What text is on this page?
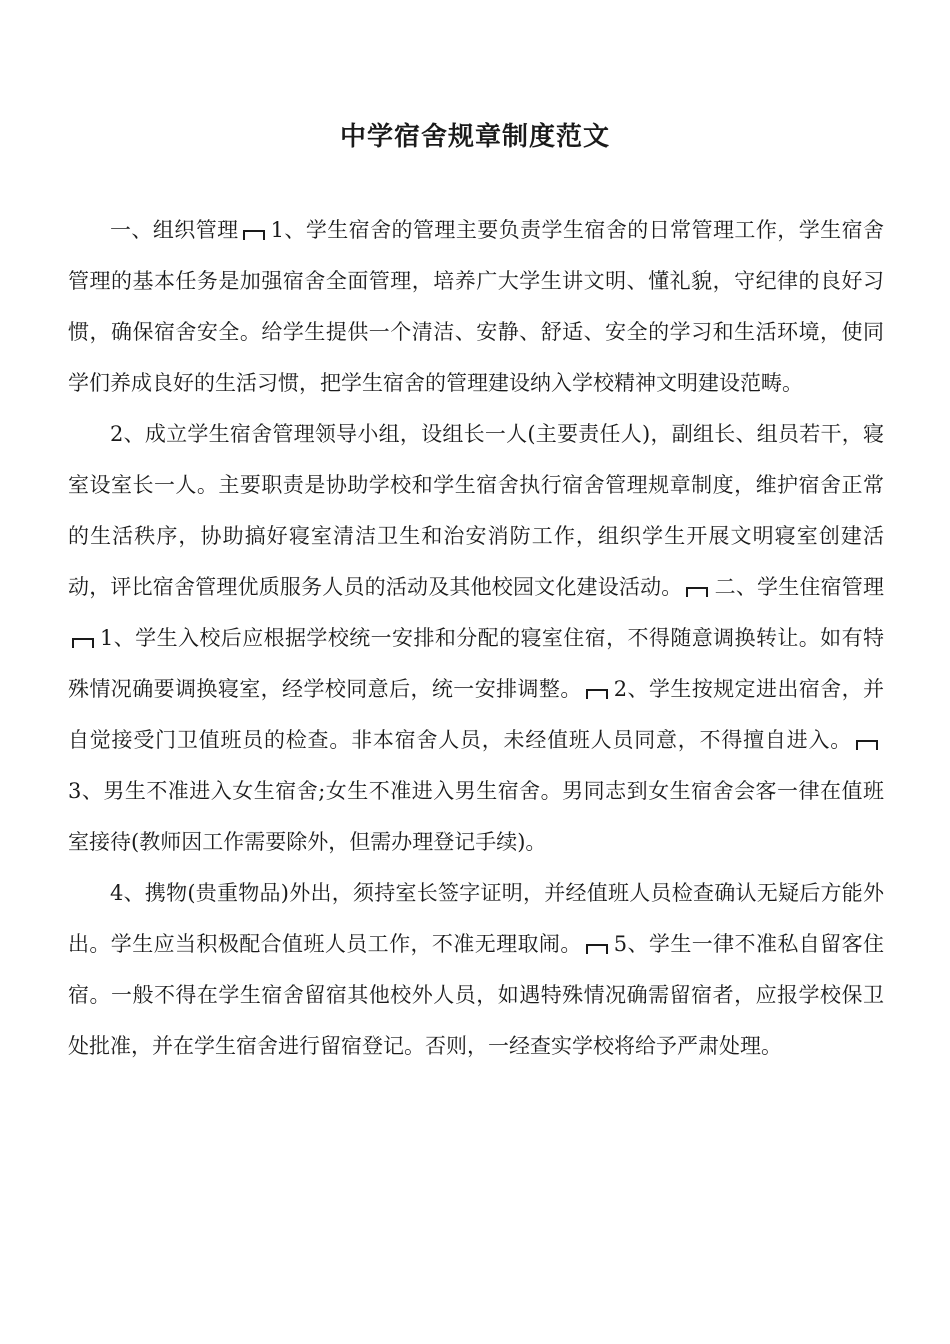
中学宿舍规章制度范文

一、组织管理 1、学生宿舍的管理主要负责学生宿舍的日常管理工作，学生宿舍管理的基本任务是加强宿舍全面管理，培养广大学生讲文明、懂礼貌，守纪律的良好习惯，确保宿舍安全。给学生提供一个清洁、安静、舒适、安全的学习和生活环境，使同学们养成良好的生活习惯，把学生宿舍的管理建设纳入学校精神文明建设范畴。

2、成立学生宿舍管理领导小组，设组长一人(主要责任人)，副组长、组员若干，寝室设室长一人。主要职责是协助学校和学生宿舍执行宿舍管理规章制度，维护宿舍正常的生活秩序，协助搞好寝室清洁卫生和治安消防工作，组织学生开展文明寝室创建活动，评比宿舍管理优质服务人员的活动及其他校园文化建设活动。 二、学生住宿管理1、学生入校后应根据学校统一安排和分配的寝室住宿，不得随意调换转让。如有特殊情况确要调换寝室，经学校同意后，统一安排调整。 2、学生按规定进出宿舍，并自觉接受门卫值班员的检查。非本宿舍人员，未经值班人员同意，不得擅自进入。3、男生不准进入女生宿舍;女生不准进入男生宿舍。男同志到女生宿舍会客一律在值班室接待(教师因工作需要除外，但需办理登记手续)。

4、携物(贵重物品)外出，须持室长签字证明，并经值班人员检查确认无疑后方能外出。学生应当积极配合值班人员工作，不准无理取闹。 5、学生一律不准私自留客住宿。一般不得在学生宿舍留宿其他校外人员，如遇特殊情况确需留宿者，应报学校保卫处批准，并在学生宿舍进行留宿登记。否则，一经查实学校将给予严肃处理。
